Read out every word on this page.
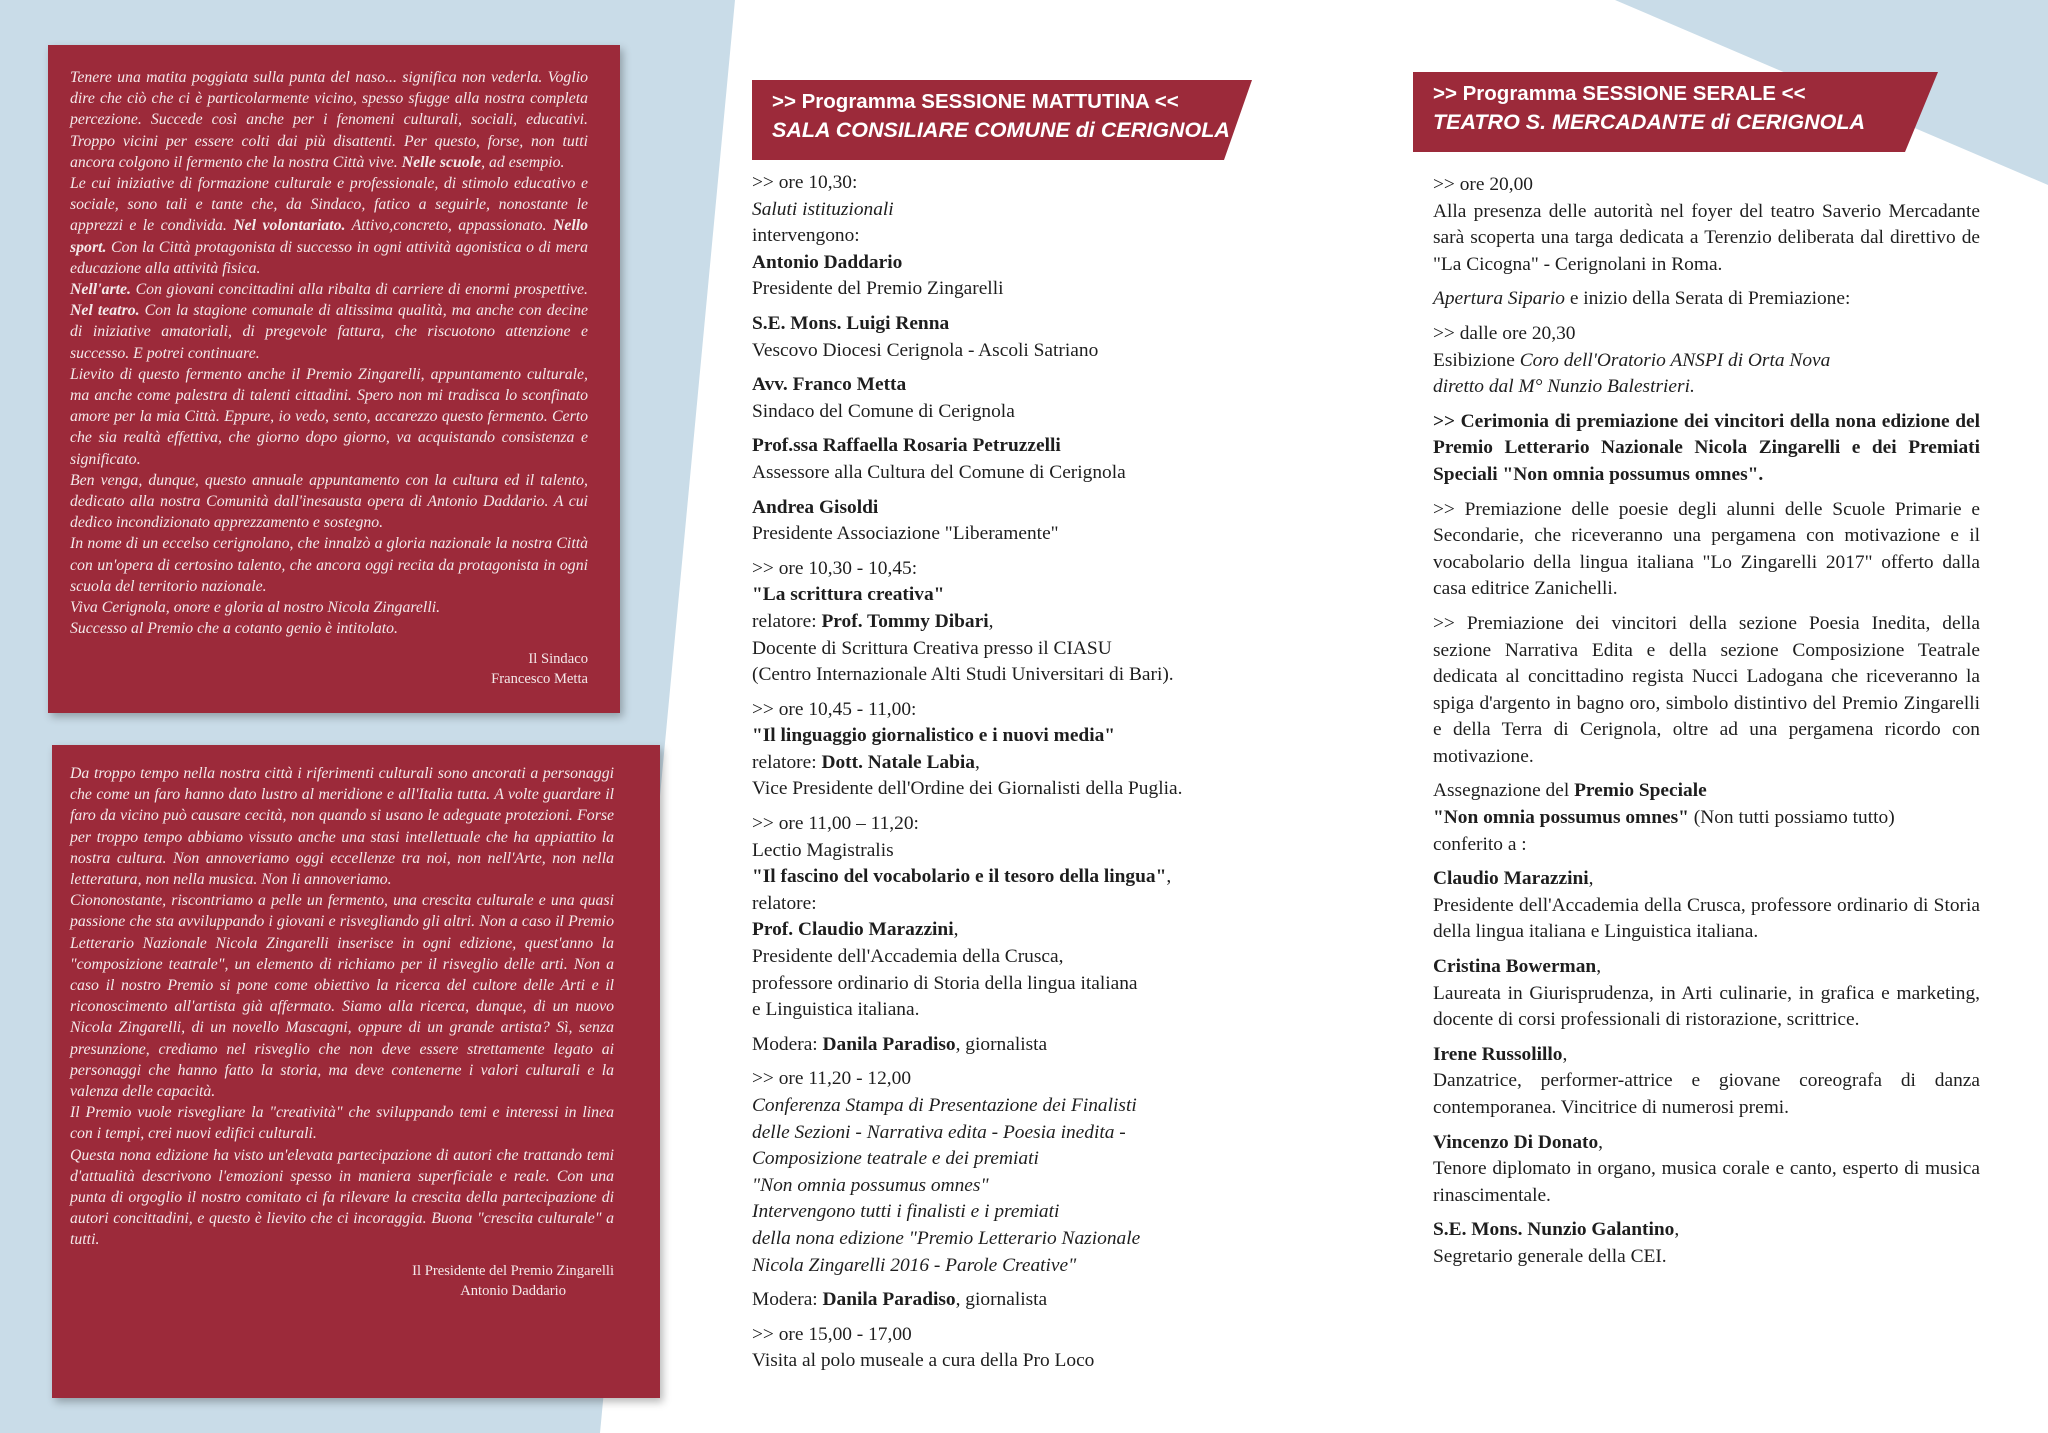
Tenere una matita poggiata sulla punta del naso... significa non vederla. Voglio dire che ciò che ci è particolarmente vicino, spesso sfugge alla nostra completa percezione. Succede così anche per i fenomeni culturali, sociali, educativi. Troppo vicini per essere colti dai più disattenti. Per questo, forse, non tutti ancora colgono il fermento che la nostra Città vive. Nelle scuole, ad esempio.

Le cui iniziative di formazione culturale e professionale, di stimolo educativo e sociale, sono tali e tante che, da Sindaco, fatico a seguirle, nonostante le apprezzi e le condivida. Nel volontariato. Attivo,concreto, appassionato. Nello sport. Con la Città protagonista di successo in ogni attività agonistica o di mera educazione alla attività fisica.

Nell'arte. Con giovani concittadini alla ribalta di carriere di enormi prospettive. Nel teatro. Con la stagione comunale di altissima qualità, ma anche con decine di iniziative amatoriali, di pregevole fattura, che riscuotono attenzione e successo. E potrei continuare.

Lievito di questo fermento anche il Premio Zingarelli, appuntamento culturale, ma anche come palestra di talenti cittadini. Spero non mi tradisca lo sconfinato amore per la mia Città. Eppure, io vedo, sento, accarezzo questo fermento. Certo che sia realtà effettiva, che giorno dopo giorno, va acquistando consistenza e significato.

Ben venga, dunque, questo annuale appuntamento con la cultura ed il talento, dedicato alla nostra Comunità dall'inesausta opera di Antonio Daddario. A cui dedico incondizionato apprezzamento e sostegno.

In nome di un eccelso cerignolano, che innalzò a gloria nazionale la nostra Città con un'opera di certosino talento, che ancora oggi recita da protagonista in ogni scuola del territorio nazionale.

Viva Cerignola, onore e gloria al nostro Nicola Zingarelli.

Successo al Premio che a cotanto genio è intitolato.

Il Sindaco
Francesco Metta

Da troppo tempo nella nostra città i riferimenti culturali sono ancorati a personaggi che come un faro hanno dato lustro al meridione e all'Italia tutta. A volte guardare il faro da vicino può causare cecità, non quando si usano le adeguate protezioni. Forse per troppo tempo abbiamo vissuto anche una stasi intellettuale che ha appiattito la nostra cultura. Non annoveriamo oggi eccellenze tra noi, non nell'Arte, non nella letteratura, non nella musica. Non li annoveriamo.

Ciononostante, riscontriamo a pelle un fermento, una crescita culturale e una quasi passione che sta avviluppando i giovani e risvegliando gli altri. Non a caso il Premio Letterario Nazionale Nicola Zingarelli inserisce in ogni edizione, quest'anno la "composizione teatrale", un elemento di richiamo per il risveglio delle arti. Non a caso il nostro Premio si pone come obiettivo la ricerca del cultore delle Arti e il riconoscimento all'artista già affermato. Siamo alla ricerca, dunque, di un nuovo Nicola Zingarelli, di un novello Mascagni, oppure di un grande artista? Sì, senza presunzione, crediamo nel risveglio che non deve essere strettamente legato ai personaggi che hanno fatto la storia, ma deve contenerne i valori culturali e la valenza delle capacità.

Il Premio vuole risvegliare la "creatività" che sviluppando temi e interessi in linea con i tempi, crei nuovi edifici culturali.

Questa nona edizione ha visto un'elevata partecipazione di autori che trattando temi d'attualità descrivono l'emozioni spesso in maniera superficiale e reale. Con una punta di orgoglio il nostro comitato ci fa rilevare la crescita della partecipazione di autori concittadini, e questo è lievito che ci incoraggia. Buona "crescita culturale" a tutti.

Il Presidente del Premio Zingarelli
Antonio Daddario
>> Programma SESSIONE MATTUTINA <<
SALA CONSILIARE COMUNE di CERIGNOLA
>> Programma SESSIONE SERALE <<
TEATRO S. MERCADANTE di CERIGNOLA

>> ore 10,30:

Saluti istituzionali

intervengono:

Antonio Daddario

Presidente del Premio Zingarelli

S.E. Mons. Luigi Renna

Vescovo Diocesi Cerignola - Ascoli Satriano

Avv. Franco Metta

Sindaco del Comune di Cerignola

Prof.ssa Raffaella Rosaria Petruzzelli

Assessore alla Cultura del Comune di Cerignola

Andrea Gisoldi

Presidente Associazione "Liberamente"

>> ore 10,30 - 10,45:

"La scrittura creativa"

relatore: Prof. Tommy Dibari,

Docente di Scrittura Creativa presso il CIASU

(Centro Internazionale Alti Studi Universitari di Bari).

>> ore 10,45 - 11,00:

"Il linguaggio giornalistico e i nuovi media"

relatore: Dott. Natale Labia,

Vice Presidente dell'Ordine dei Giornalisti della Puglia.

>> ore 11,00 – 11,20:

Lectio Magistralis

"Il fascino del vocabolario e il tesoro della lingua",

relatore:

Prof. Claudio Marazzini,

Presidente dell'Accademia della Crusca,

professore ordinario di Storia della lingua italiana

e Linguistica italiana.

Modera: Danila Paradiso, giornalista

>> ore 11,20 - 12,00

Conferenza Stampa di Presentazione dei Finalisti

delle Sezioni - Narrativa edita - Poesia inedita -

Composizione teatrale e dei premiati

"Non omnia possumus omnes"

Intervengono tutti i finalisti e i premiati

della nona edizione "Premio Letterario Nazionale

Nicola Zingarelli 2016 - Parole Creative"

Modera: Danila Paradiso, giornalista

>> ore 15,00 - 17,00

Visita al polo museale a cura della Pro Loco

>> ore 20,00

Alla presenza delle autorità nel foyer del teatro Saverio Mercadante sarà scoperta una targa dedicata a Terenzio deliberata dal direttivo de "La Cicogna" - Cerignolani in Roma.

Apertura Sipario e inizio della Serata di Premiazione:

>> dalle ore 20,30

Esibizione Coro dell'Oratorio ANSPI di Orta Nova

diretto dal M° Nunzio Balestrieri.

>> Cerimonia di premiazione dei vincitori della nona edizione del Premio Letterario Nazionale Nicola Zingarelli e dei Premiati Speciali "Non omnia possumus omnes".

>> Premiazione delle poesie degli alunni delle Scuole Primarie e Secondarie, che riceveranno una pergamena con motivazione e il vocabolario della lingua italiana "Lo Zingarelli 2017" offerto dalla casa editrice Zanichelli.

>> Premiazione dei vincitori della sezione Poesia Inedita, della sezione Narrativa Edita e della sezione Composizione Teatrale dedicata al concittadino regista Nucci Ladogana che riceveranno la spiga d'argento in bagno oro, simbolo distintivo del Premio Zingarelli e della Terra di Cerignola, oltre ad una pergamena ricordo con motivazione.

Assegnazione del Premio Speciale

"Non omnia possumus omnes" (Non tutti possiamo tutto)

conferito a :

Claudio Marazzini,

Presidente dell'Accademia della Crusca, professore ordinario di Storia della lingua italiana e Linguistica italiana.

Cristina Bowerman,

Laureata in Giurisprudenza, in Arti culinarie, in grafica e marketing, docente di corsi professionali di ristorazione, scrittrice.

Irene Russolillo,

Danzatrice, performer-attrice e giovane coreografa di danza contemporanea. Vincitrice di numerosi premi.

Vincenzo Di Donato,

Tenore diplomato in organo, musica corale e canto, esperto di musica rinascimentale.

S.E. Mons. Nunzio Galantino,

Segretario generale della CEI.
